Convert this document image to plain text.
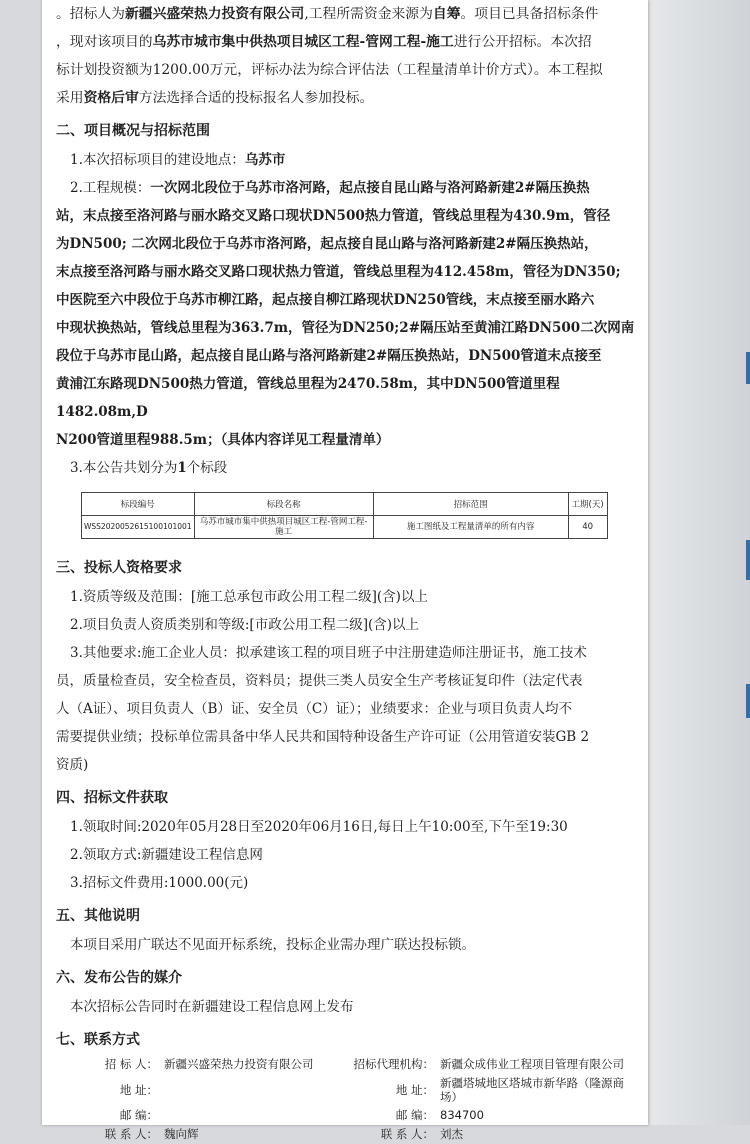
。招标人为新疆兴盛荣热力投资有限公司,工程所需资金来源为自筹。项目已具备招标条件
，现对该项目的乌苏市城市集中供热项目城区工程-管网工程-施工进行公开招标。本次招
标计划投资额为1200.00万元，评标办法为综合评估法（工程量清单计价方式）。本工程拟
采用资格后审方法选择合适的投标报名人参加投标。

二、项目概况与招标范围

1.本次招标项目的建设地点：乌苏市

2.工程规模：一次网北段位于乌苏市洛河路，起点接自昆山路与洛河路新建2#隔压换热
站，末点接至洛河路与丽水路交叉路口现状DN500热力管道，管线总里程为430.9m，管径
为DN500; 二次网北段位于乌苏市洛河路，起点接自昆山路与洛河路新建2#隔压换热站，
末点接至洛河路与丽水路交叉路口现状热力管道，管线总里程为412.458m，管径为DN350;
中医院至六中段位于乌苏市柳江路，起点接自柳江路现状DN250管线，末点接至丽水路六
中现状换热站，管线总里程为363.7m，管径为DN250;2#隔压站至黄浦江路DN500二次网南
段位于乌苏市昆山路，起点接自昆山路与洛河路新建2#隔压换热站，DN500管道末点接至
黄浦江东路现DN500热力管道，管线总里程为2470.58m，其中DN500管道里程1482.08m,D
N200管道里程988.5m；（具体内容详见工程量清单）

3.本公告共划分为1个标段

标段编号	标段名称	招标范围	工期(天)
WSS2020052615100101001	乌苏市城市集中供热项目城区工程-管网工程-施工	施工图纸及工程量清单的所有内容	40

三、投标人资格要求

1.资质等级及范围：[施工总承包市政公用工程二级](含)以上

2.项目负责人资质类别和等级:[市政公用工程二级](含)以上

3.其他要求:施工企业人员：拟承建该工程的项目班子中注册建造师注册证书，施工技术
员，质量检查员，安全检查员，资料员；提供三类人员安全生产考核证复印件（法定代表
人（A证）、项目负责人（B）证、安全员（C）证）；业绩要求：企业与项目负责人均不
需要提供业绩；投标单位需具备中华人民共和国特种设备生产许可证（公用管道安装GB 2
资质)

四、招标文件获取

1.领取时间:2020年05月28日至2020年06月16日,每日上午10:00至,下午至19:30

2.领取方式:新疆建设工程信息网

3.招标文件费用:1000.00(元)

五、其他说明

本项目采用广联达不见面开标系统，投标企业需办理广联达投标锁。

六、发布公告的媒介

本次招标公告同时在新疆建设工程信息网上发布

七、联系方式

招 标 人： 新疆兴盛荣热力投资有限公司	招标代理机构： 新疆众成伟业工程项目管理有限公司
地 址：	地 址： 新疆塔城地区塔城市新华路（隆源商场）
邮 编：	邮 编： 834700
联 系 人： 魏向辉	联 系 人： 刘杰
